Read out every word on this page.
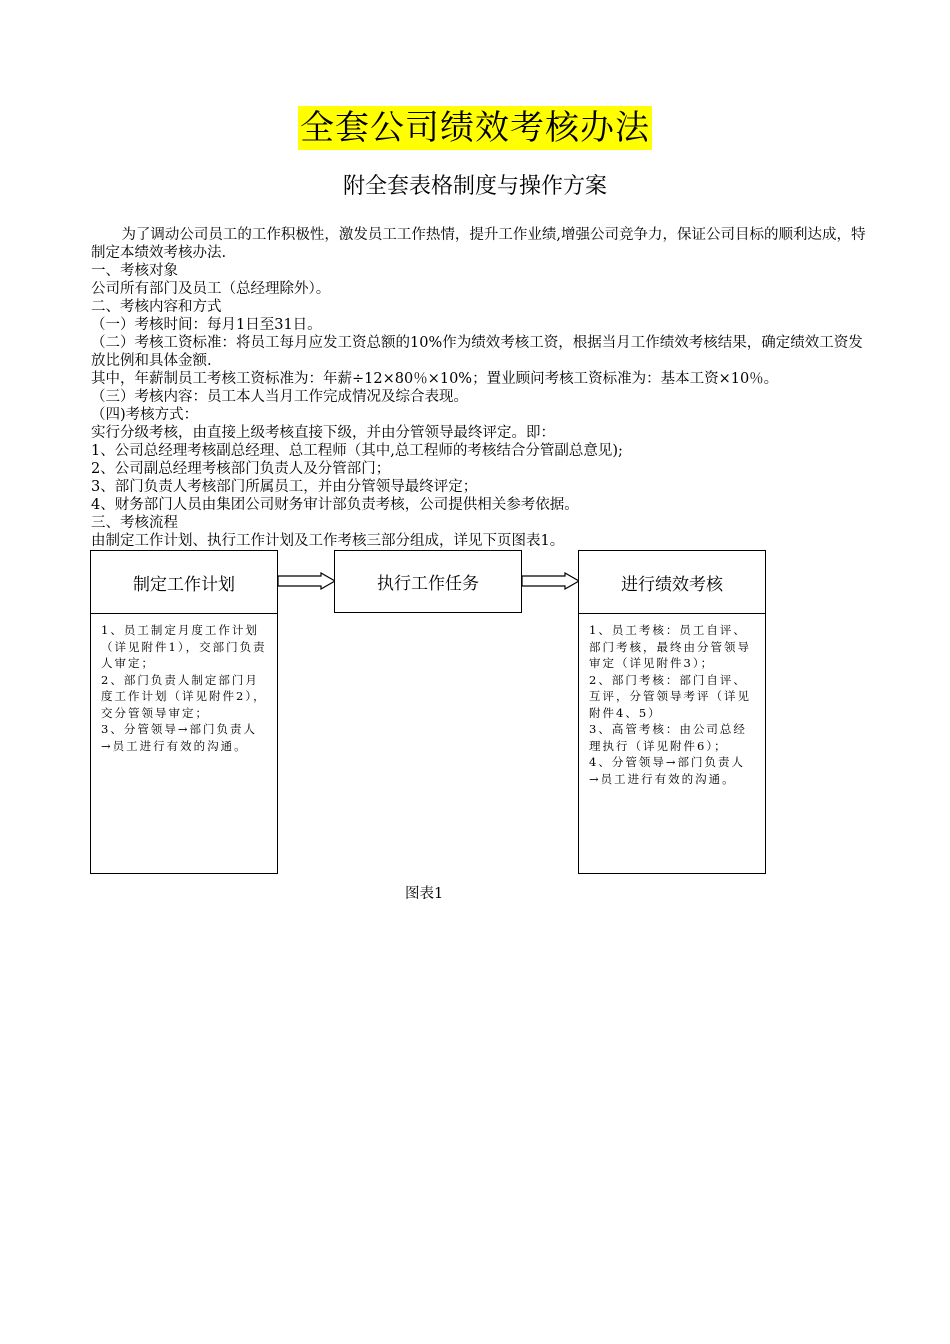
全套公司绩效考核办法
附全套表格制度与操作方案

为了调动公司员工的工作积极性，激发员工工作热情，提升工作业绩,增强公司竞争力，保证公司目标的顺利达成，特制定本绩效考核办法.

一、考核对象

公司所有部门及员工（总经理除外）。

二、考核内容和方式

（一）考核时间：每月1日至31日。

（二）考核工资标准：将员工每月应发工资总额的10%作为绩效考核工资，根据当月工作绩效考核结果，确定绩效工资发放比例和具体金额.

其中，年薪制员工考核工资标准为：年薪÷12×80％×10%；置业顾问考核工资标准为：基本工资×10％。

（三）考核内容：员工本人当月工作完成情况及综合表现。

（四)考核方式：

实行分级考核，由直接上级考核直接下级，并由分管领导最终评定。即：

1、公司总经理考核副总经理、总工程师（其中,总工程师的考核结合分管副总意见);

2、公司副总经理考核部门负责人及分管部门；

3、部门负责人考核部门所属员工，并由分管领导最终评定；

4、财务部门人员由集团公司财务审计部负责考核，公司提供相关参考依据。

三、考核流程

由制定工作计划、执行工作计划及工作考核三部分组成，详见下页图表1。

制定工作计划

1、员工制定月度工作计划（详见附件1），交部门负责人审定；

2、部门负责人制定部门月度工作计划（详见附件2），交分管领导审定；

3、分管领导→部门负责人→员工进行有效的沟通。

执行工作任务	进行绩效考核

1、员工考核：员工自评、部门考核，最终由分管领导审定（详见附件3）；

2、部门考核：部门自评、互评，分管领导考评（详见附件4、5）

3、高管考核：由公司总经理执行（详见附件6）；

4、分管领导→部门负责人→员工进行有效的沟通。

图表1
